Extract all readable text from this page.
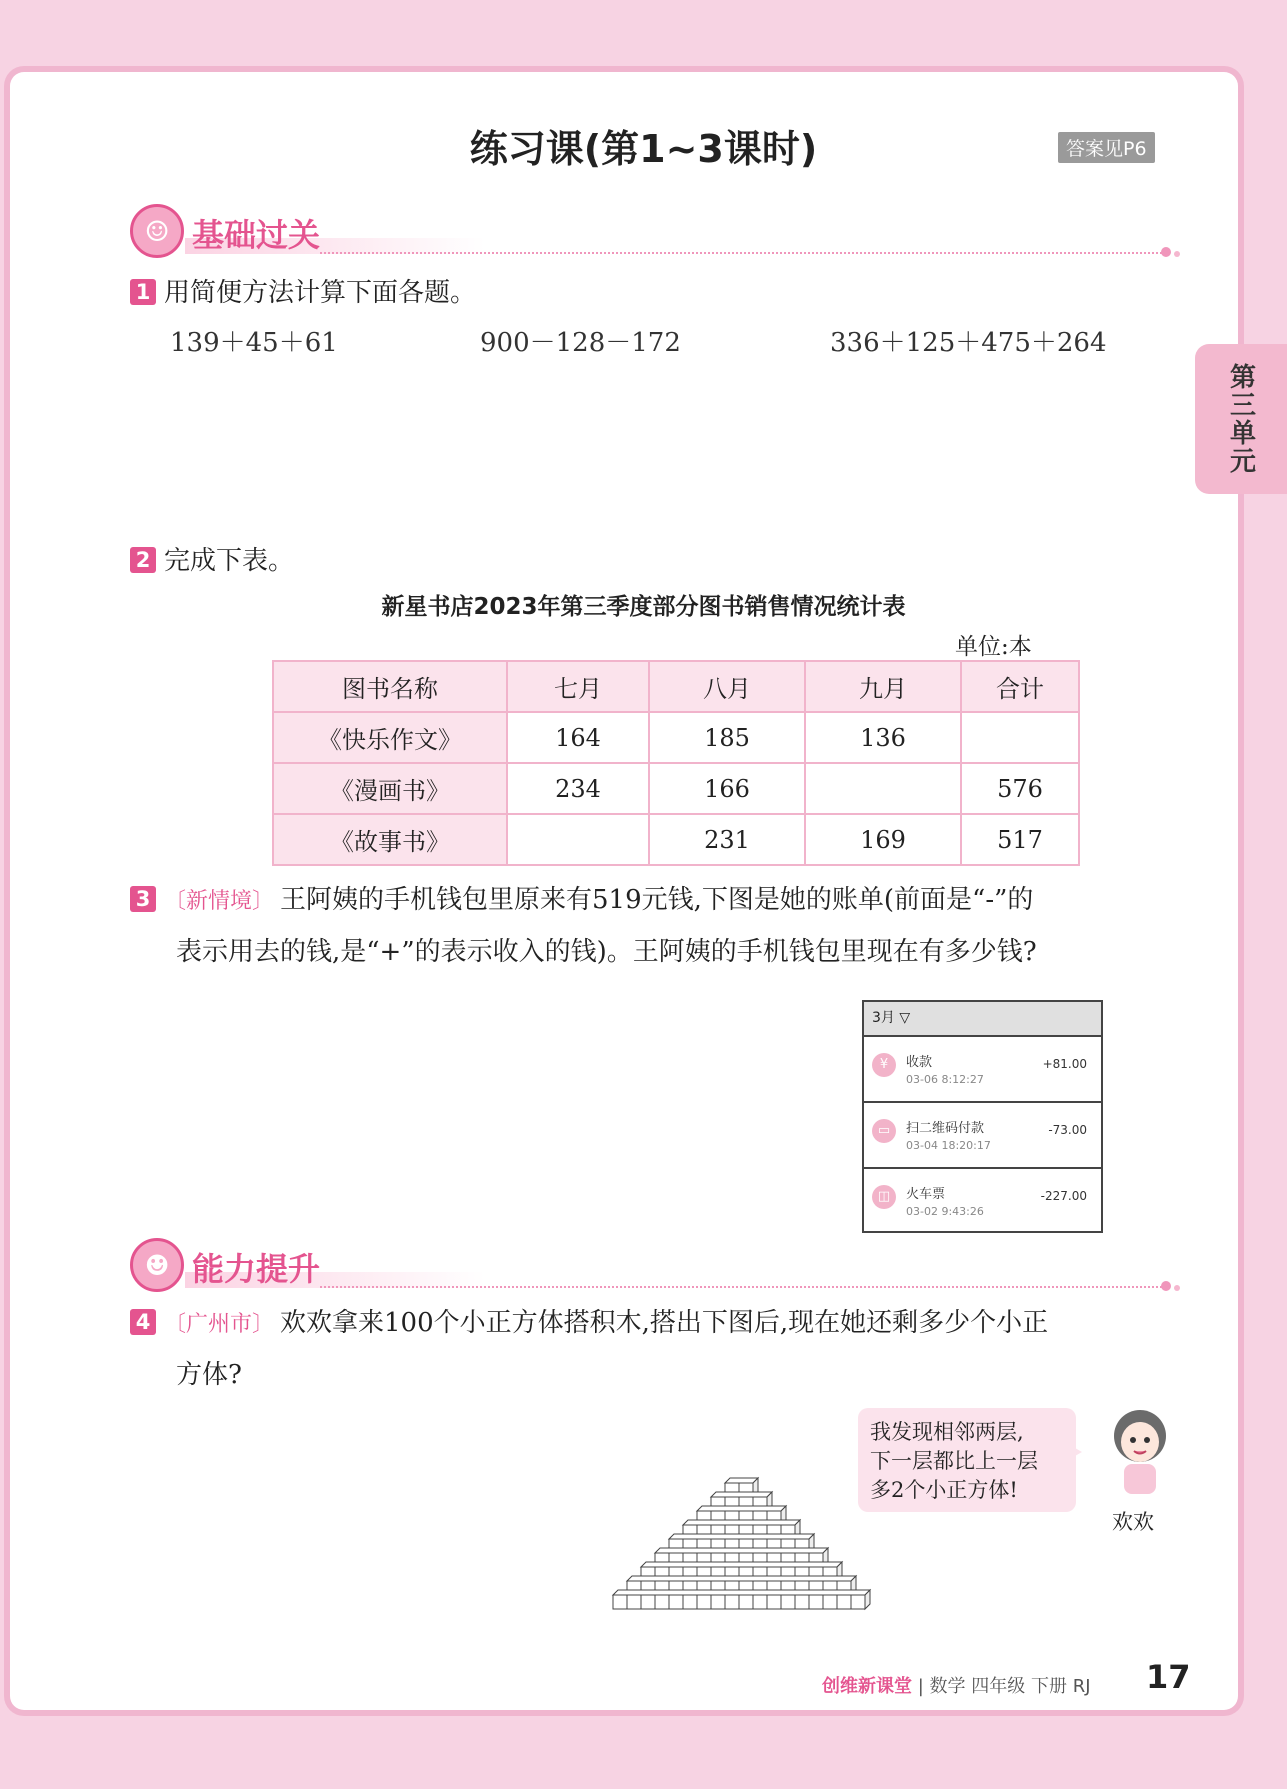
第三单元
练习课(第1~3课时)	答案见P6
☺ 基础过关
1 用简便方法计算下面各题。
139＋45＋61	900－128－172	336＋125＋475＋264
2 完成下表。
新星书店2023年第三季度部分图书销售情况统计表
单位:本
图书名称	七月	八月	九月	合计
《快乐作文》	164	185	136	
《漫画书》	234	166		576
《故事书》		231	169	517
3 〔新情境〕 王阿姨的手机钱包里原来有519元钱,下图是她的账单(前面是“-”的
表示用去的钱,是“+”的表示收入的钱)。王阿姨的手机钱包里现在有多少钱?
3月 ▽
¥	收款
03-06 8:12:27
+81.00
▭	扫二维码付款
03-04 18:20:17
-73.00
◫	火车票
03-02 9:43:26
-227.00
☻ 能力提升
4 〔广州市〕 欢欢拿来100个小正方体搭积木,搭出下图后,现在她还剩多少个小正
方体?
我发现相邻两层,
下一层都比上一层
多2个小正方体!
欢欢
创维新课堂 | 数学 四年级 下册 RJ 17
